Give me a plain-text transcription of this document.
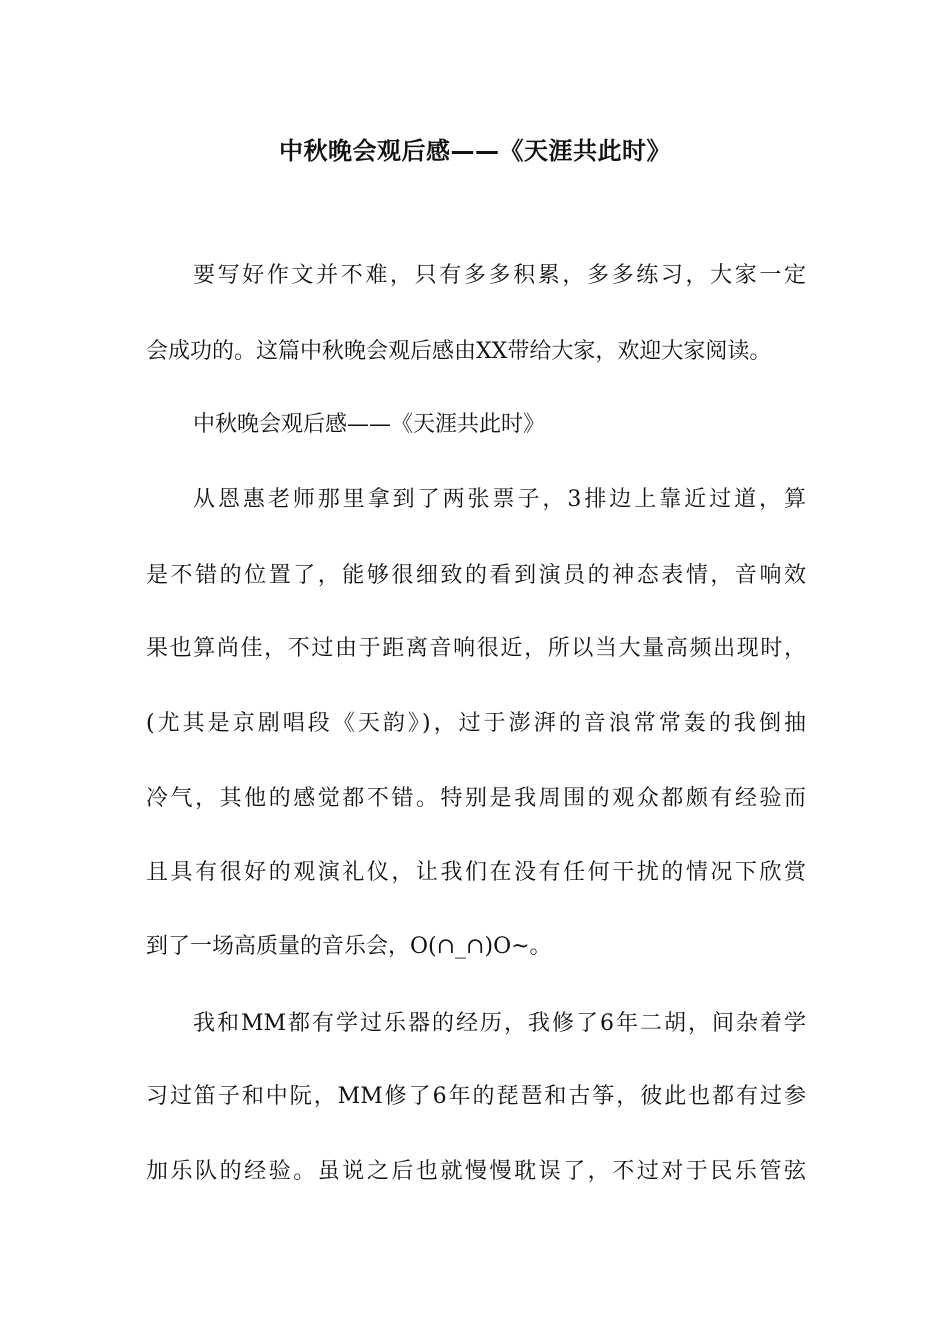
中秋晚会观后感——《天涯共此时》

要写好作文并不难，只有多多积累，多多练习，大家一定

会成功的。这篇中秋晚会观后感由XX带给大家，欢迎大家阅读。

中秋晚会观后感——《天涯共此时》

从恩惠老师那里拿到了两张票子，3排边上靠近过道，算

是不错的位置了，能够很细致的看到演员的神态表情，音响效

果也算尚佳，不过由于距离音响很近，所以当大量高频出现时，

(尤其是京剧唱段《天韵》)，过于澎湃的音浪常常轰的我倒抽

冷气，其他的感觉都不错。特别是我周围的观众都颇有经验而

且具有很好的观演礼仪，让我们在没有任何干扰的情况下欣赏

到了一场高质量的音乐会，O(∩_∩)O~。

我和MM都有学过乐器的经历，我修了6年二胡，间杂着学

习过笛子和中阮，MM修了6年的琵琶和古筝，彼此也都有过参

加乐队的经验。虽说之后也就慢慢耽误了，不过对于民乐管弦
